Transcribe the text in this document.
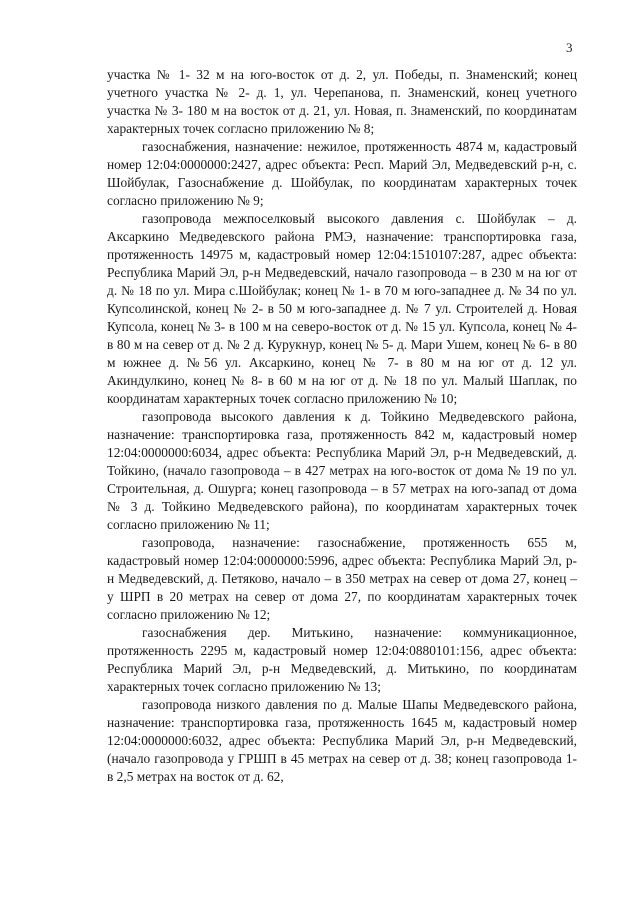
3

участка № 1- 32 м на юго-восток от д. 2, ул. Победы, п. Знаменский; конец учетного участка № 2- д. 1, ул. Черепанова, п. Знаменский, конец учетного участка № 3- 180 м на восток от д. 21, ул. Новая, п. Знаменский, по координатам характерных точек согласно приложению № 8;

газоснабжения, назначение: нежилое, протяженность 4874 м, кадастровый номер 12:04:0000000:2427, адрес объекта: Респ. Марий Эл, Медведевский р-н, с. Шойбулак, Газоснабжение д. Шойбулак, по координатам характерных точек согласно приложению № 9;

газопровода межпоселковый высокого давления с. Шойбулак – д. Аксаркино Медведевского района РМЭ, назначение: транспортировка газа, протяженность 14975 м, кадастровый номер 12:04:1510107:287, адрес объекта: Республика Марий Эл, р-н Медведевский, начало газопровода – в 230 м на юг от д. № 18 по ул. Мира с.Шойбулак; конец № 1- в 70 м юго-западнее д. № 34 по ул. Купсолинской, конец № 2- в 50 м юго-западнее д. № 7 ул. Строителей д. Новая Купсола, конец № 3- в 100 м на северо-восток от д. № 15 ул. Купсола, конец № 4- в 80 м на север от д. № 2 д. Курукнур, конец № 5- д. Мари Ушем, конец № 6- в 80 м южнее д. №56 ул. Аксаркино, конец № 7- в 80 м на юг от д. 12 ул. Акиндулкино, конец № 8- в 60 м на юг от д. № 18 по ул. Малый Шаплак, по координатам характерных точек согласно приложению № 10;

газопровода высокого давления к д. Тойкино Медведевского района, назначение: транспортировка газа, протяженность 842 м, кадастровый номер 12:04:0000000:6034, адрес объекта: Республика Марий Эл, р-н Медведевский, д. Тойкино, (начало газопровода – в 427 метрах на юго-восток от дома № 19 по ул. Строительная, д. Ошурга; конец газопровода – в 57 метрах на юго-запад от дома № 3 д. Тойкино Медведевского района), по координатам характерных точек согласно приложению № 11;

газопровода, назначение: газоснабжение, протяженность 655 м, кадастровый номер 12:04:0000000:5996, адрес объекта: Республика Марий Эл, р-н Медведевский, д. Петяково, начало – в 350 метрах на север от дома 27, конец – у ШРП в 20 метрах на север от дома 27, по координатам характерных точек согласно приложению № 12;

газоснабжения дер. Митькино, назначение: коммуникационное, протяженность 2295 м, кадастровый номер 12:04:0880101:156, адрес объекта: Республика Марий Эл, р-н Медведевский, д. Митькино, по координатам характерных точек согласно приложению № 13;

газопровода низкого давления по д. Малые Шапы Медведевского района, назначение: транспортировка газа, протяженность 1645 м, кадастровый номер 12:04:0000000:6032, адрес объекта: Республика Марий Эл, р-н Медведевский, (начало газопровода у ГРШП в 45 метрах на север от д. 38; конец газопровода 1- в 2,5 метрах на восток от д. 62,
